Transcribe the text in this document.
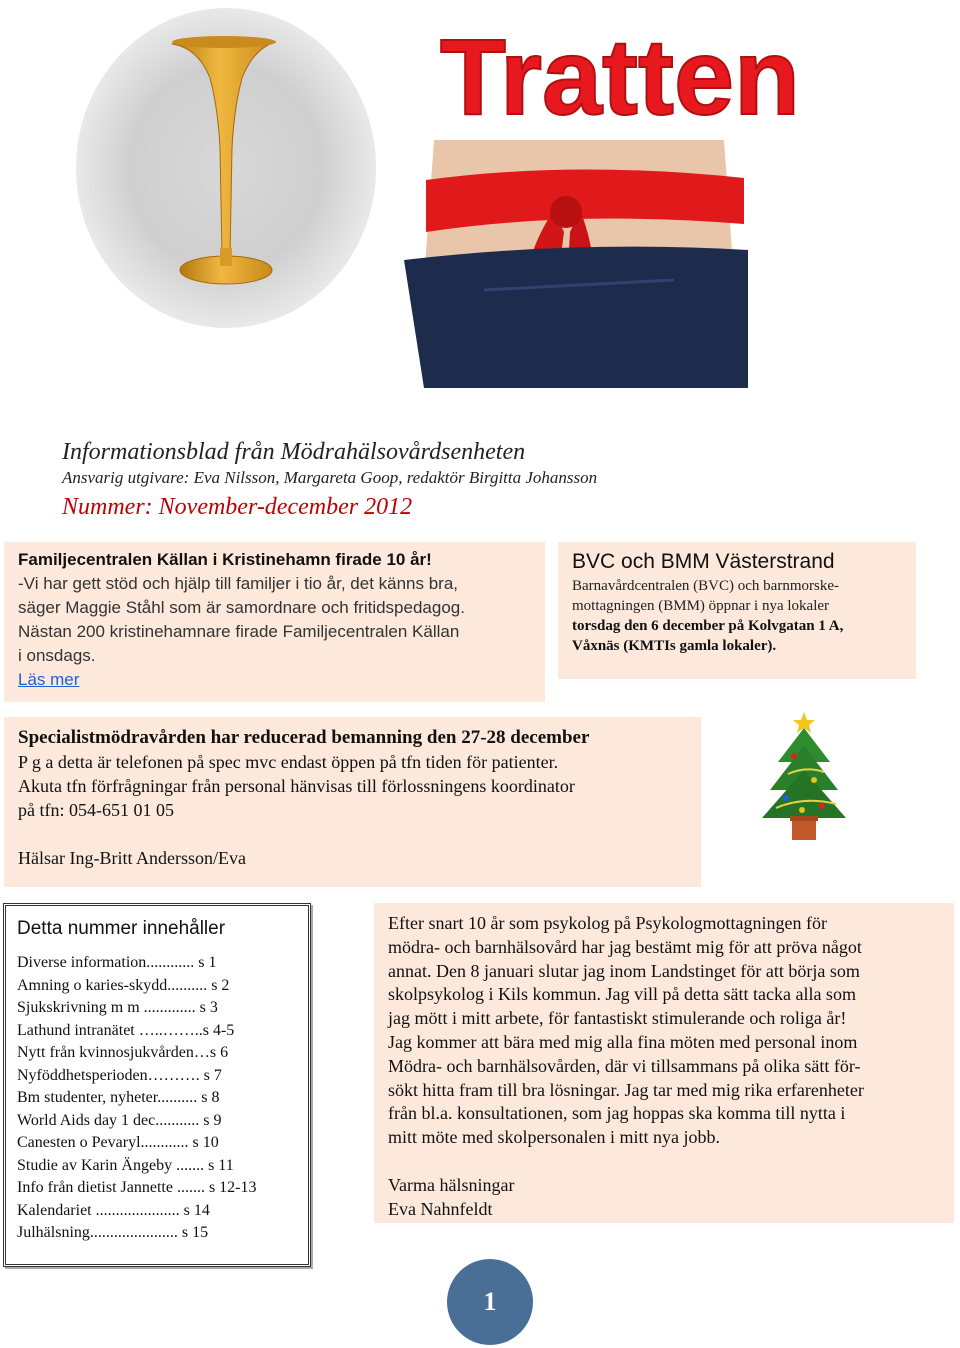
Tratten
Informationsblad från Mödrahälsovårdsenheten
Ansvarig utgivare: Eva Nilsson, Margareta Goop, redaktör Birgitta Johansson
Nummer: November-december 2012
Familjecentralen Källan i Kristinehamn firade 10 år!
-Vi har gett stöd och hjälp till familjer i tio år, det känns bra,
säger Maggie Ståhl som är samordnare och fritidspedagog.
Nästan 200 kristinehamnare firade Familjecentralen Källan
i onsdags.
Läs mer
BVC och BMM Västerstrand
Barnavårdcentralen (BVC) och barnmorske-
mottagningen (BMM) öppnar i nya lokaler
torsdag den 6 december på Kolvgatan 1 A,
Våxnäs (KMTIs gamla lokaler).
Specialistmödravården har reducerad bemanning den 27-28 december
P g a detta är telefonen på spec mvc endast öppen på tfn tiden för patienter.
Akuta tfn förfrågningar från personal hänvisas till förlossningens koordinator
på tfn: 054-651 01 05
Hälsar Ing-Britt Andersson/Eva
Detta nummer innehåller
Diverse information............ s 1
Amning o karies-skydd.......... s 2
Sjukskrivning m m ............. s 3
Lathund intranätet …..……..s 4-5
Nytt från kvinnosjukvården…s 6
Nyföddhetsperioden………. s 7
Bm studenter, nyheter.......... s 8
World Aids day 1 dec........... s 9
Canesten o Pevaryl............ s 10
Studie av Karin Ängeby ....... s 11
Info från dietist Jannette ....... s 12-13
Kalendariet ..................... s 14
Julhälsning...................... s 15
Efter snart 10 år som psykolog på Psykologmottagningen för
mödra- och barnhälsovård har jag bestämt mig för att pröva något
annat. Den 8 januari slutar jag inom Landstinget för att börja som
skolpsykolog i Kils kommun. Jag vill på detta sätt tacka alla som
jag mött i mitt arbete, för fantastiskt stimulerande och roliga år!
Jag kommer att bära med mig alla fina möten med personal inom
Mödra- och barnhälsovården, där vi tillsammans på olika sätt för-
sökt hitta fram till bra lösningar. Jag tar med mig rika erfarenheter
från bl.a. konsultationen, som jag hoppas ska komma till nytta i
mitt möte med skolpersonalen i mitt nya jobb.
Varma hälsningar
Eva Nahnfeldt
1
